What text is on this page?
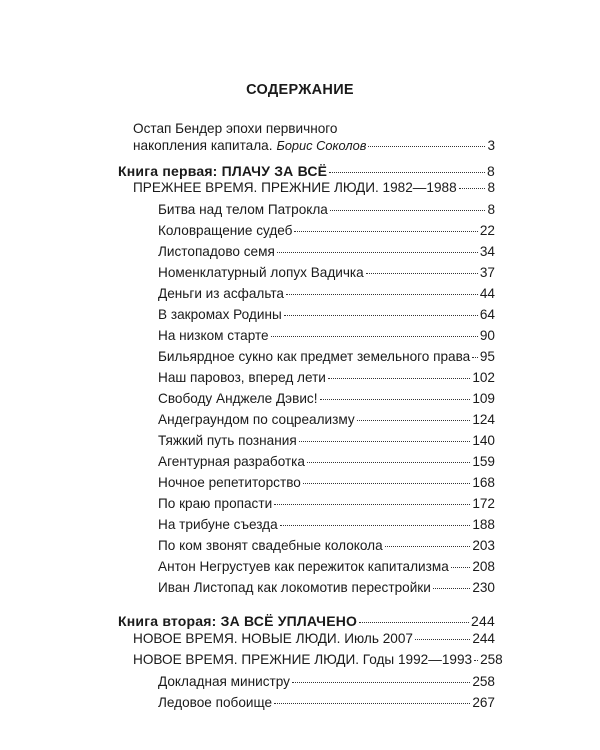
СОДЕРЖАНИЕ
Остап Бендер эпохи первичного
накопления капитала. Борис Соколов	3
Книга первая: ПЛАЧУ ЗА ВСЁ	8
ПРЕЖНЕЕ ВРЕМЯ. ПРЕЖНИЕ ЛЮДИ. 1982—1988 8
Битва над телом Патрокла	8
Коловращение судеб	22
Листопадово семя	34
Номенклатурный лопух Вадичка	37
Деньги из асфальта	44
В закромах Родины	64
На низком старте	90
Бильярдное сукно как предмет земельного права 95
Наш паровоз, вперед лети	102
Свободу Анджеле Дэвис!	109
Андеграундом по соцреализму	124
Тяжкий путь познания	140
Агентурная разработка	159
Ночное репетиторство	168
По краю пропасти	172
На трибуне съезда	188
По ком звонят свадебные колокола	203
Антон Негрустуев как пережиток капитализма 208
Иван Листопад как локомотив перестройки	230
Книга вторая: ЗА ВСЁ УПЛАЧЕНО	244
НОВОЕ ВРЕМЯ. НОВЫЕ ЛЮДИ. Июль 2007	244
НОВОЕ ВРЕМЯ. ПРЕЖНИЕ ЛЮДИ. Годы 1992—1993 258
Докладная министру	258
Ледовое побоище	267
